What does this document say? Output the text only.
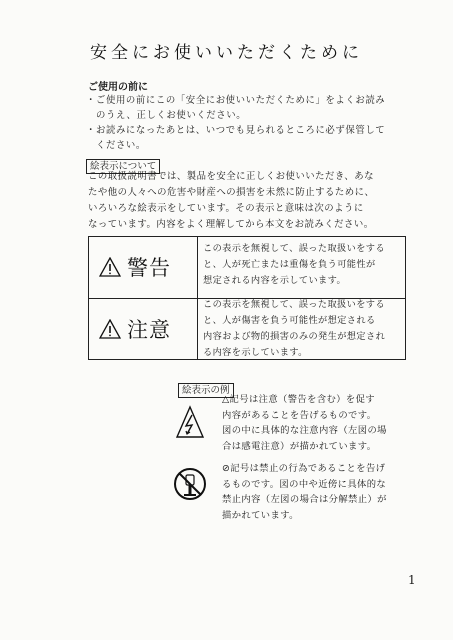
安全にお使いいただくために
ご使用の前に
・ ご使用の前にこの「安全にお使いいただくために」をよくお読み
のうえ、正しくお使いください。
・ お読みになったあとは、いつでも見られるところに必ず保管して
ください。
絵表示について
この取扱説明書では、製品を安全に正しくお使いいただき、あな
たや他の人々への危害や財産への損害を未然に防止するために、
いろいろな絵表示をしています。その表示と意味は次のように
なっています。内容をよく理解してから本文をお読みください。
警告
この表示を無視して、誤った取扱いをする
と、人が死亡または重傷を負う可能性が
想定される内容を示しています。
注意
この表示を無視して、誤った取扱いをする
と、人が傷害を負う可能性が想定される
内容および物的損害のみの発生が想定され
る内容を示しています。
絵表示の例
△記号は注意（警告を含む）を促す
内容があることを告げるものです。
図の中に具体的な注意内容（左図の場
合は感電注意）が描かれています。
⊘記号は禁止の行為であることを告げ
るものです。図の中や近傍に具体的な
禁止内容（左図の場合は分解禁止）が
描かれています。
1
